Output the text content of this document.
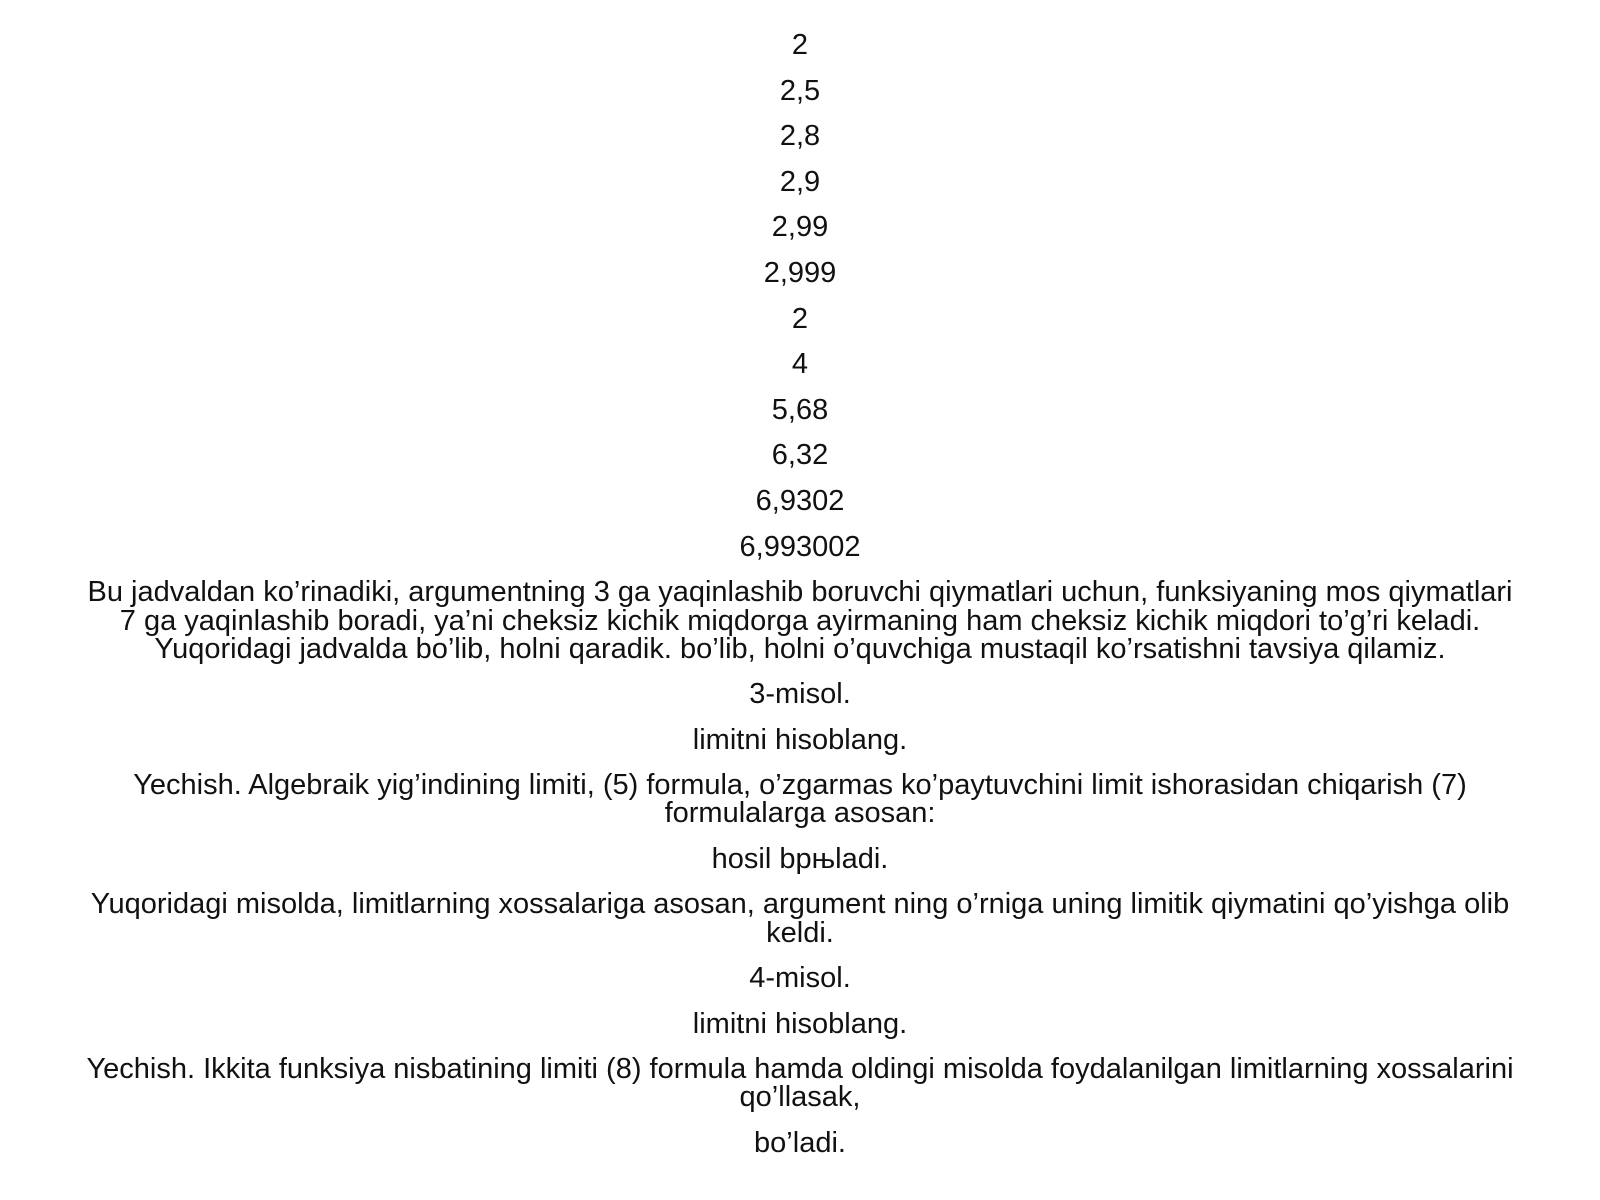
2
2,5
2,8
2,9
2,99
2,999
2
4
5,68
6,32
6,9302
6,993002
Bu jadvaldan ko’rinadiki, argumentning 3 ga yaqinlashib boruvchi qiymatlari uchun, funksiyaning mos qiymatlari
7 ga yaqinlashib boradi, ya’ni cheksiz kichik miqdorga ayirmaning ham cheksiz kichik miqdori to’g’ri keladi.
Yuqoridagi jadvalda bo’lib, holni qaradik. bo’lib, holni o’quvchiga mustaqil ko’rsatishni tavsiya qilamiz.
3-misol.
limitni hisoblang.
Yechish. Algebraik yig’indining limiti, (5) formula, o’zgarmas ko’paytuvchini limit ishorasidan chiqarish (7)
formulalarga asosan:
hosil bрњladi.
Yuqoridagi misolda, limitlarning xossalariga asosan, argument ning o’rniga uning limitik qiymatini qo’yishga olib
keldi.
4-misol.
limitni hisoblang.
Yechish. Ikkita funksiya nisbatining limiti (8) formula hamda oldingi misolda foydalanilgan limitlarning xossalarini
qo’llasak,
bo’ladi.
